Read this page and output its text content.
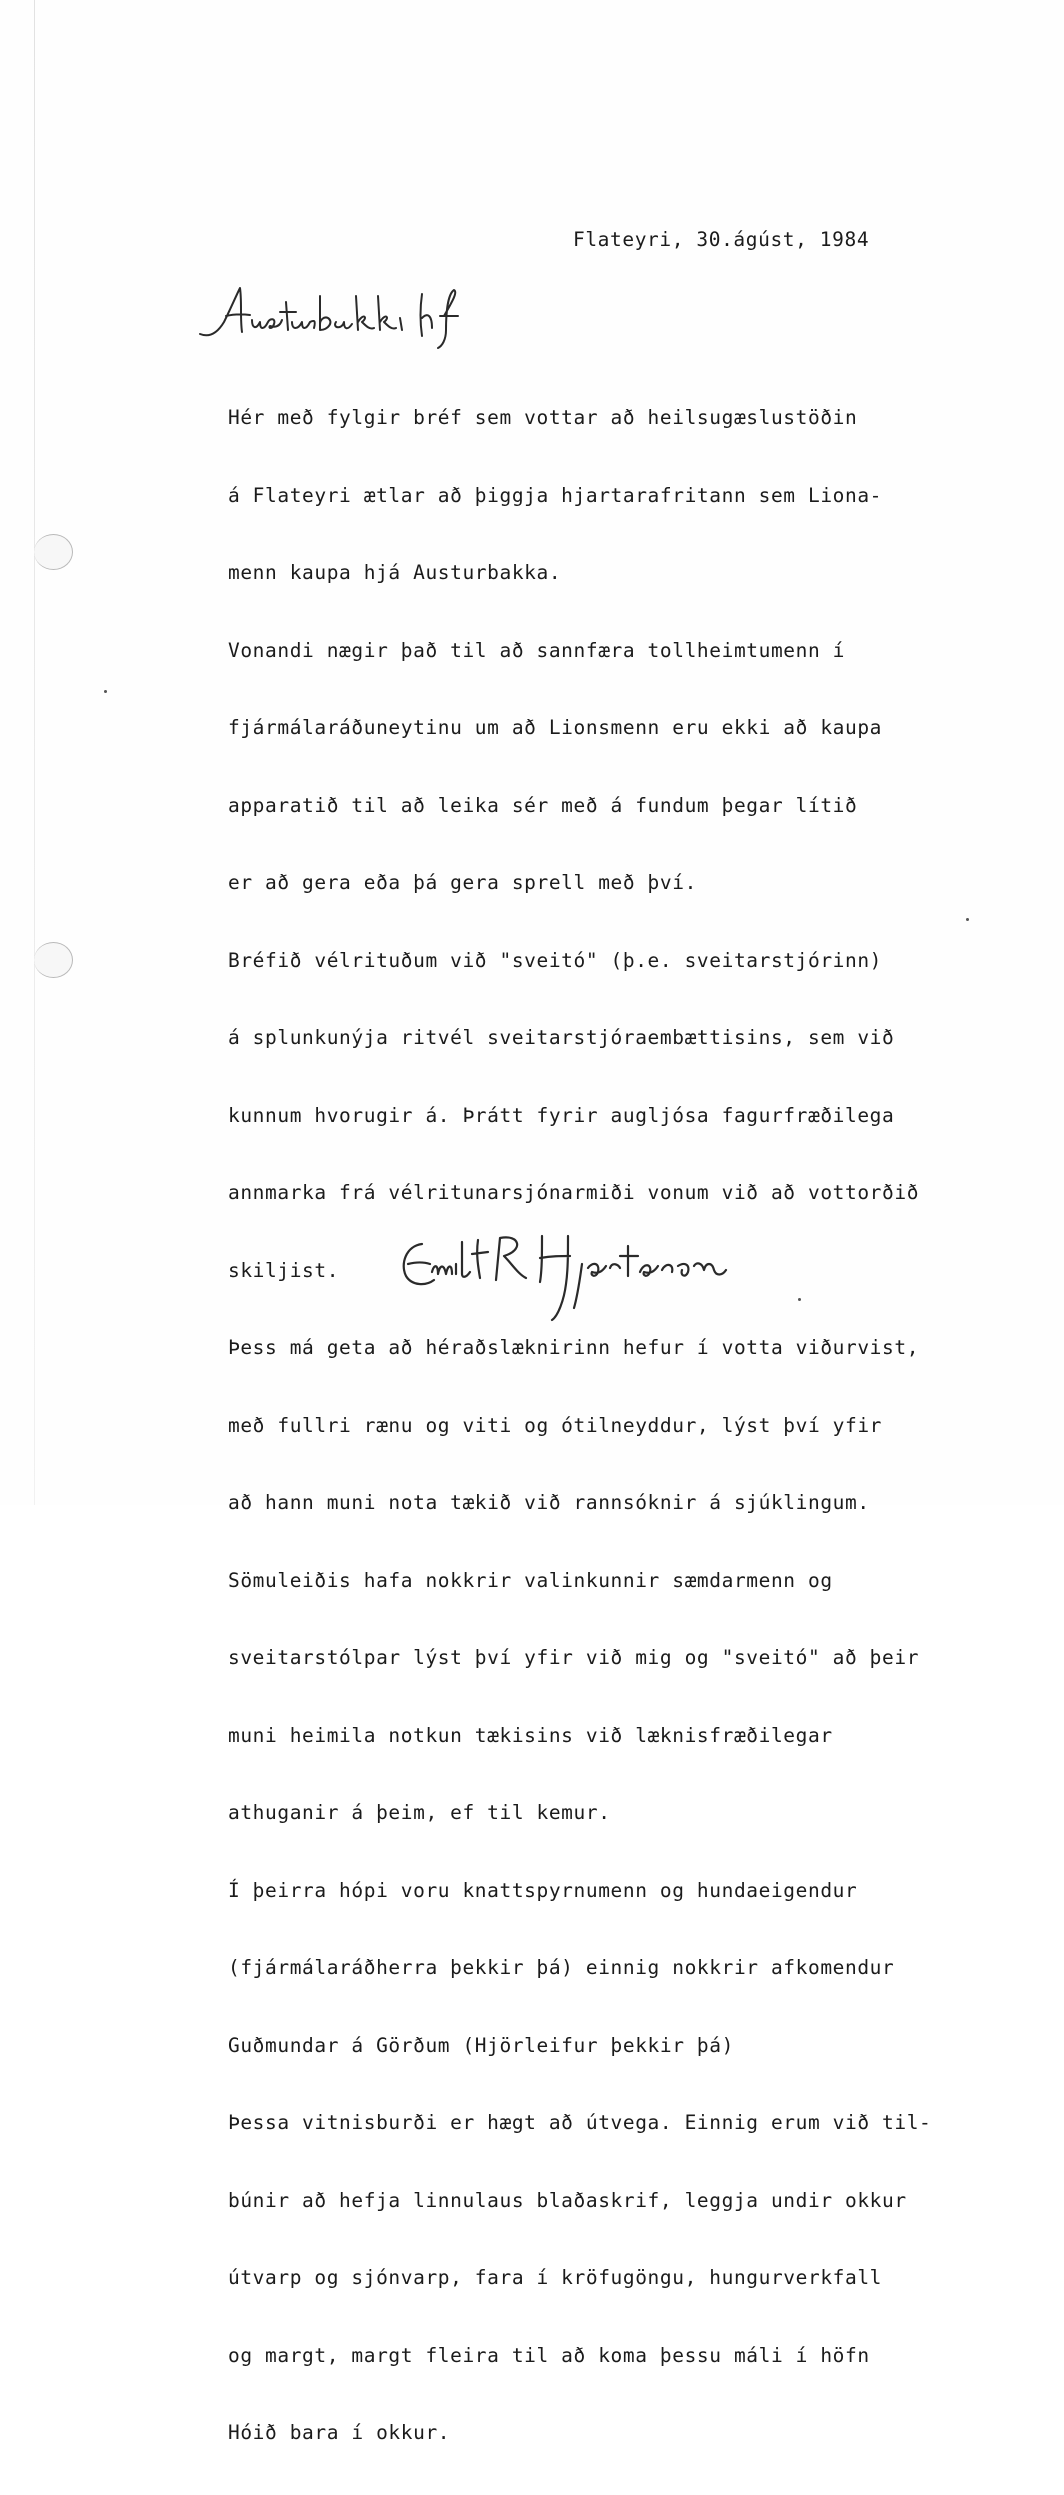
Flateyri, 30.ágúst, 1984

Hér með fylgir bréf sem vottar að heilsugæslustöðin

á Flateyri ætlar að þiggja hjartarafritann sem Liona-

menn kaupa hjá Austurbakka.

Vonandi nægir það til að sannfæra tollheimtumenn í

fjármálaráðuneytinu um að Lionsmenn eru ekki að kaupa

apparatið til að leika sér með á fundum þegar lítið

er að gera eða þá gera sprell með því.

Bréfið vélrituðum við "sveitó" (þ.e. sveitarstjórinn)

á splunkunýja ritvél sveitarstjóraembættisins, sem við

kunnum hvorugir á. Þrátt fyrir augljósa fagurfræðilega

annmarka frá vélritunarsjónarmiði vonum við að vottorðið

skiljist.

Þess má geta að héraðslæknirinn hefur í votta viðurvist,

með fullri rænu og viti og ótilneyddur, lýst því yfir

að hann muni nota tækið við rannsóknir á sjúklingum.

Sömuleiðis hafa nokkrir valinkunnir sæmdarmenn og

sveitarstólpar lýst því yfir við mig og "sveitó" að þeir

muni heimila notkun tækisins við læknisfræðilegar

athuganir á þeim, ef til kemur.

Í þeirra hópi voru knattspyrnumenn og hundaeigendur

(fjármálaráðherra þekkir þá) einnig nokkrir afkomendur

Guðmundar á Görðum (Hjörleifur þekkir þá)

Þessa vitnisburði er hægt að útvega. Einnig erum við til-

búnir að hefja linnulaus blaðaskrif, leggja undir okkur

útvarp og sjónvarp, fara í kröfugöngu, hungurverkfall

og margt, margt fleira til að koma þessu máli í höfn

Hóið bara í okkur.
